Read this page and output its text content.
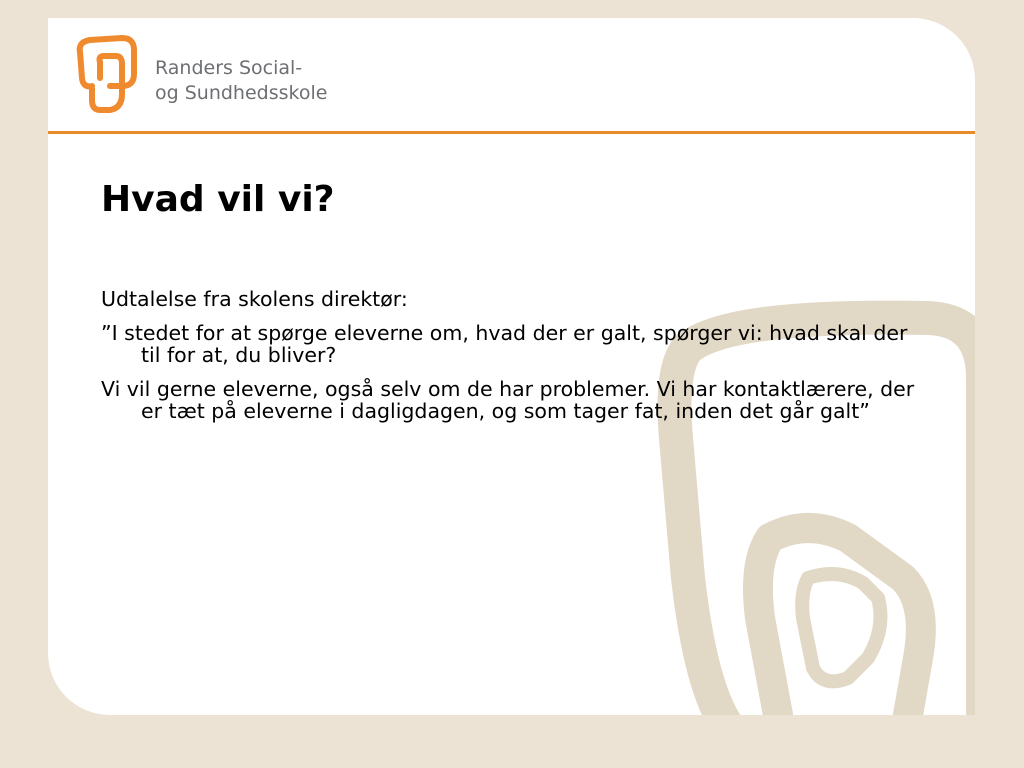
Randers Social-
og Sundhedsskole
Hvad vil vi?

Udtalelse fra skolens direktør:

”I stedet for at spørge eleverne om, hvad der er galt, spørger vi: hvad skal der til for at, du bliver?

Vi vil gerne eleverne, også selv om de har problemer. Vi har kontaktlærere, der er tæt på eleverne i dagligdagen, og som tager fat, inden det går galt”
